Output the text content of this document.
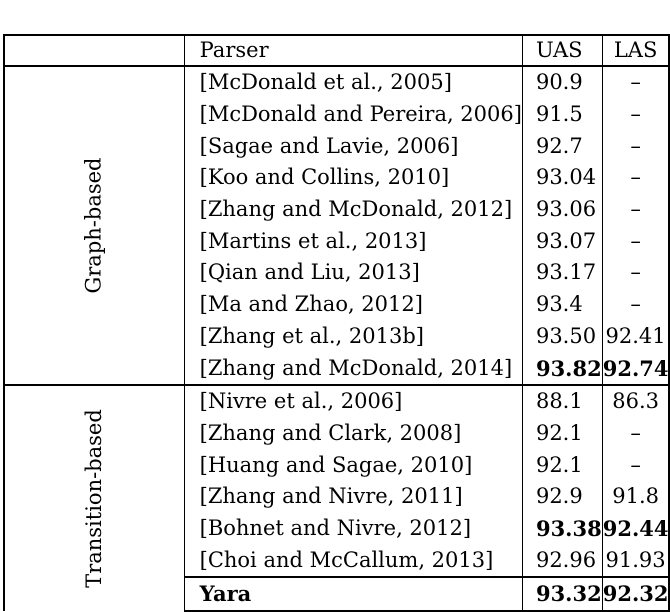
	Parser	UAS	LAS
Graph-based	[McDonald et al., 2005]	90.9	–
	[McDonald and Pereira, 2006]	91.5	–
	[Sagae and Lavie, 2006]	92.7	–
	[Koo and Collins, 2010]	93.04	–
	[Zhang and McDonald, 2012]	93.06	–
	[Martins et al., 2013]	93.07	–
	[Qian and Liu, 2013]	93.17	–
	[Ma and Zhao, 2012]	93.4	–
	[Zhang et al., 2013b]	93.50	92.41
	[Zhang and McDonald, 2014]	93.82	92.74
Transition-based	[Nivre et al., 2006]	88.1	86.3
	[Zhang and Clark, 2008]	92.1	–
	[Huang and Sagae, 2010]	92.1	–
	[Zhang and Nivre, 2011]	92.9	91.8
	[Bohnet and Nivre, 2012]	93.38	92.44
	[Choi and McCallum, 2013]	92.96	91.93
	Yara	93.32	92.32
